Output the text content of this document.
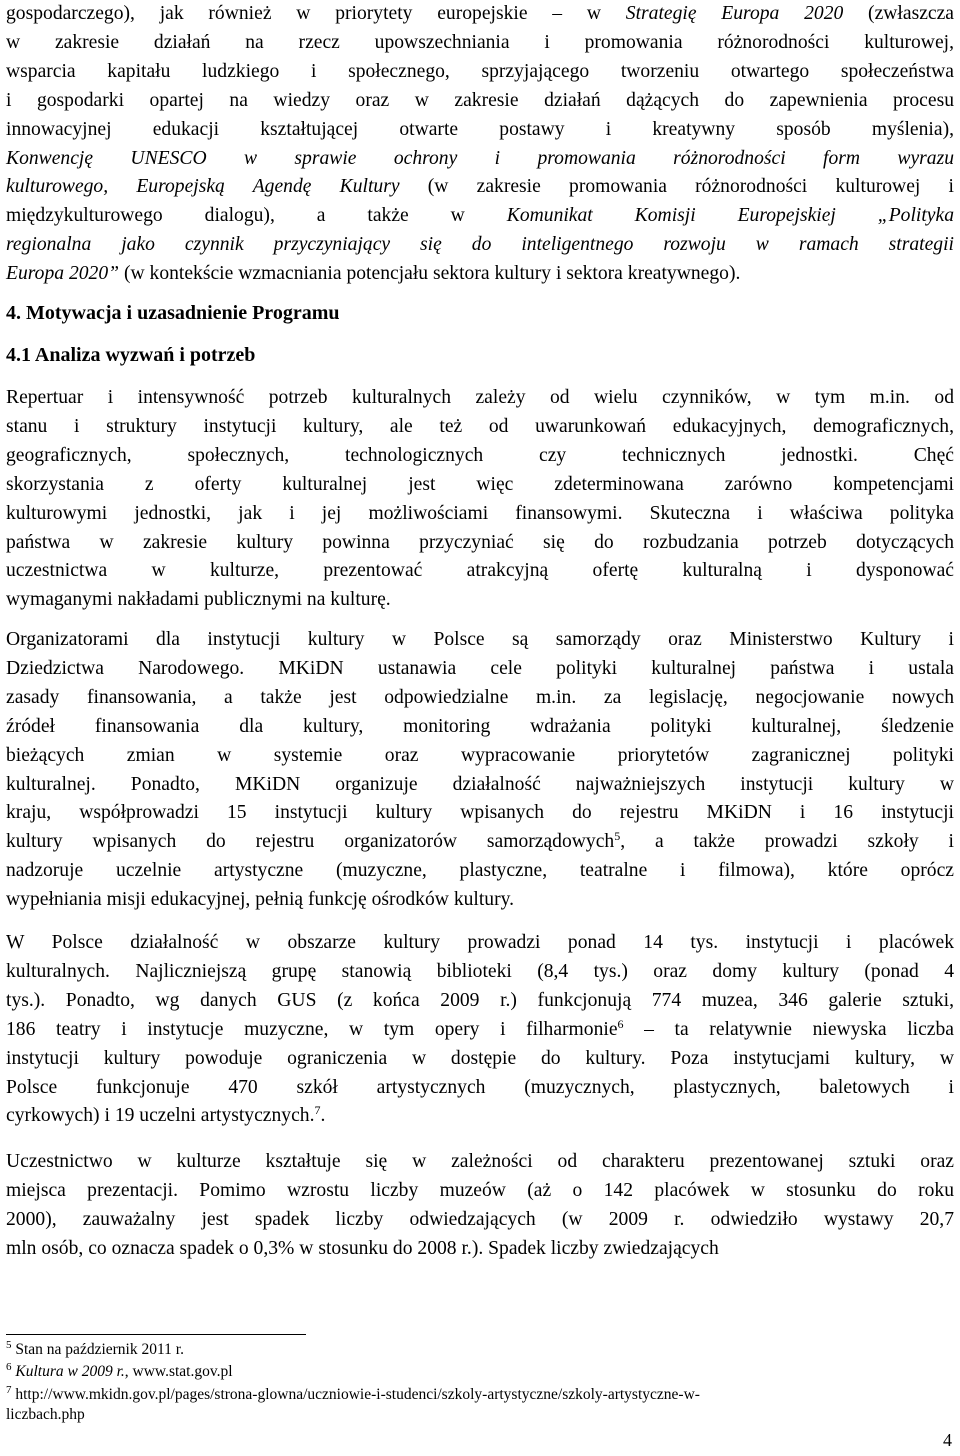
gospodarczego), jak również w priorytety europejskie – w Strategię Europa 2020 (zwłaszcza
w zakresie działań na rzecz upowszechniania i promowania różnorodności kulturowej,
wsparcia kapitału ludzkiego i społecznego, sprzyjającego tworzeniu otwartego społeczeństwa
i gospodarki opartej na wiedzy oraz w zakresie działań dążących do zapewnienia procesu
innowacyjnej edukacji kształtującej otwarte postawy i kreatywny sposób myślenia),
Konwencję UNESCO w sprawie ochrony i promowania różnorodności form wyrazu
kulturowego, Europejską Agendę Kultury (w zakresie promowania różnorodności kulturowej i
międzykulturowego dialogu), a także w Komunikat Komisji Europejskiej „Polityka
regionalna jako czynnik przyczyniający się do inteligentnego rozwoju w ramach strategii
Europa 2020” (w kontekście wzmacniania potencjału sektora kultury i sektora kreatywnego).
4. Motywacja i uzasadnienie Programu
4.1 Analiza wyzwań i potrzeb
Repertuar i intensywność potrzeb kulturalnych zależy od wielu czynników, w tym m.in. od
stanu i struktury instytucji kultury, ale też od uwarunkowań edukacyjnych, demograficznych,
geograficznych, społecznych, technologicznych czy technicznych jednostki. Chęć
skorzystania z oferty kulturalnej jest więc zdeterminowana zarówno kompetencjami
kulturowymi jednostki, jak i jej możliwościami finansowymi. Skuteczna i właściwa polityka
państwa w zakresie kultury powinna przyczyniać się do rozbudzania potrzeb dotyczących
uczestnictwa w kulturze, prezentować atrakcyjną ofertę kulturalną i dysponować
wymaganymi nakładami publicznymi na kulturę.
Organizatorami dla instytucji kultury w Polsce są samorządy oraz Ministerstwo Kultury i
Dziedzictwa Narodowego. MKiDN ustanawia cele polityki kulturalnej państwa i ustala
zasady finansowania, a także jest odpowiedzialne m.in. za legislację, negocjowanie nowych
źródeł finansowania dla kultury, monitoring wdrażania polityki kulturalnej, śledzenie
bieżących zmian w systemie oraz wypracowanie priorytetów zagranicznej polityki
kulturalnej. Ponadto, MKiDN organizuje działalność najważniejszych instytucji kultury w
kraju, współprowadzi 15 instytucji kultury wpisanych do rejestru MKiDN i 16 instytucji
kultury wpisanych do rejestru organizatorów samorządowych$^5$, a także prowadzi szkoły i
nadzoruje uczelnie artystyczne (muzyczne, plastyczne, teatralne i filmowa), które oprócz
wypełniania misji edukacyjnej, pełnią funkcję ośrodków kultury.
W Polsce działalność w obszarze kultury prowadzi ponad 14 tys. instytucji i placówek
kulturalnych. Najliczniejszą grupę stanowią biblioteki (8,4 tys.) oraz domy kultury (ponad 4
tys.). Ponadto, wg danych GUS (z końca 2009 r.) funkcjonują 774 muzea, 346 galerie sztuki,
186 teatry i instytucje muzyczne, w tym opery i filharmonie$^6$ – ta relatywnie niewyska liczba
instytucji kultury powoduje ograniczenia w dostępie do kultury. Poza instytucjami kultury, w
Polsce funkcjonuje 470 szkół artystycznych (muzycznych, plastycznych, baletowych i
cyrkowych) i 19 uczelni artystycznych.$^7$.
Uczestnictwo w kulturze kształtuje się w zależności od charakteru prezentowanej sztuki oraz
miejsca prezentacji. Pomimo wzrostu liczby muzeów (aż o 142 placówek w stosunku do roku
2000), zauważalny jest spadek liczby odwiedzających (w 2009 r. odwiedziło wystawy 20,7
mln osób, co oznacza spadek o 0,3% w stosunku do 2008 r.). Spadek liczby zwiedzających

$^5$ Stan na październik 2011 r.

$^6$ Kultura w 2009 r., www.stat.gov.pl

$^7$ http://www.mkidn.gov.pl/pages/strona-glowna/uczniowie-i-studenci/szkoly-artystyczne/szkoly-artystyczne-w-
liczbach.php

4
